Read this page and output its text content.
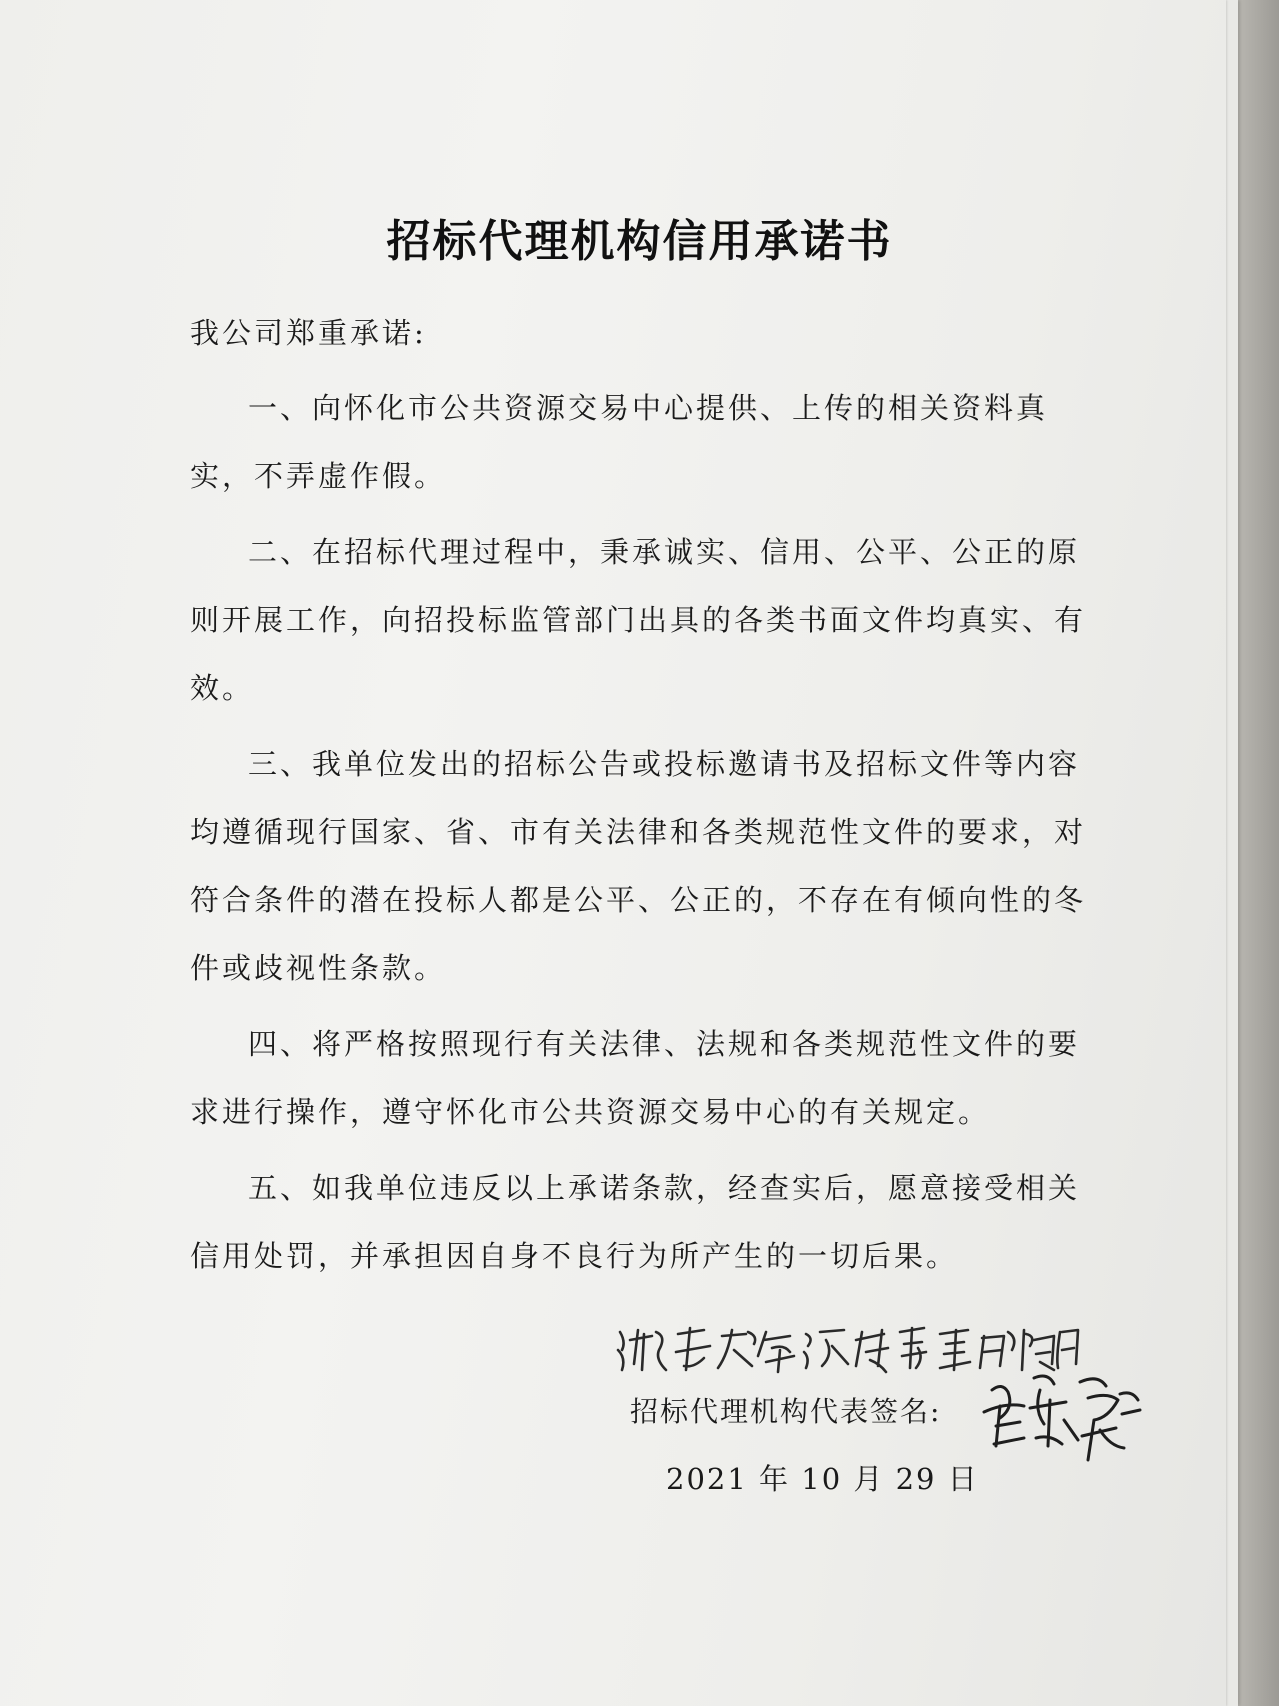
招标代理机构信用承诺书

我公司郑重承诺:

一、向怀化市公共资源交易中心提供、上传的相关资料真实，不弄虚作假。

二、在招标代理过程中，秉承诚实、信用、公平、公正的原则开展工作，向招投标监管部门出具的各类书面文件均真实、有效。

三、我单位发出的招标公告或投标邀请书及招标文件等内容均遵循现行国家、省、市有关法律和各类规范性文件的要求，对符合条件的潜在投标人都是公平、公正的，不存在有倾向性的冬件或歧视性条款。

四、将严格按照现行有关法律、法规和各类规范性文件的要求进行操作，遵守怀化市公共资源交易中心的有关规定。

五、如我单位违反以上承诺条款，经查实后，愿意接受相关信用处罚，并承担因自身不良行为所产生的一切后果。

招标代理机构代表签名:
2021 年 10 月 29 日
